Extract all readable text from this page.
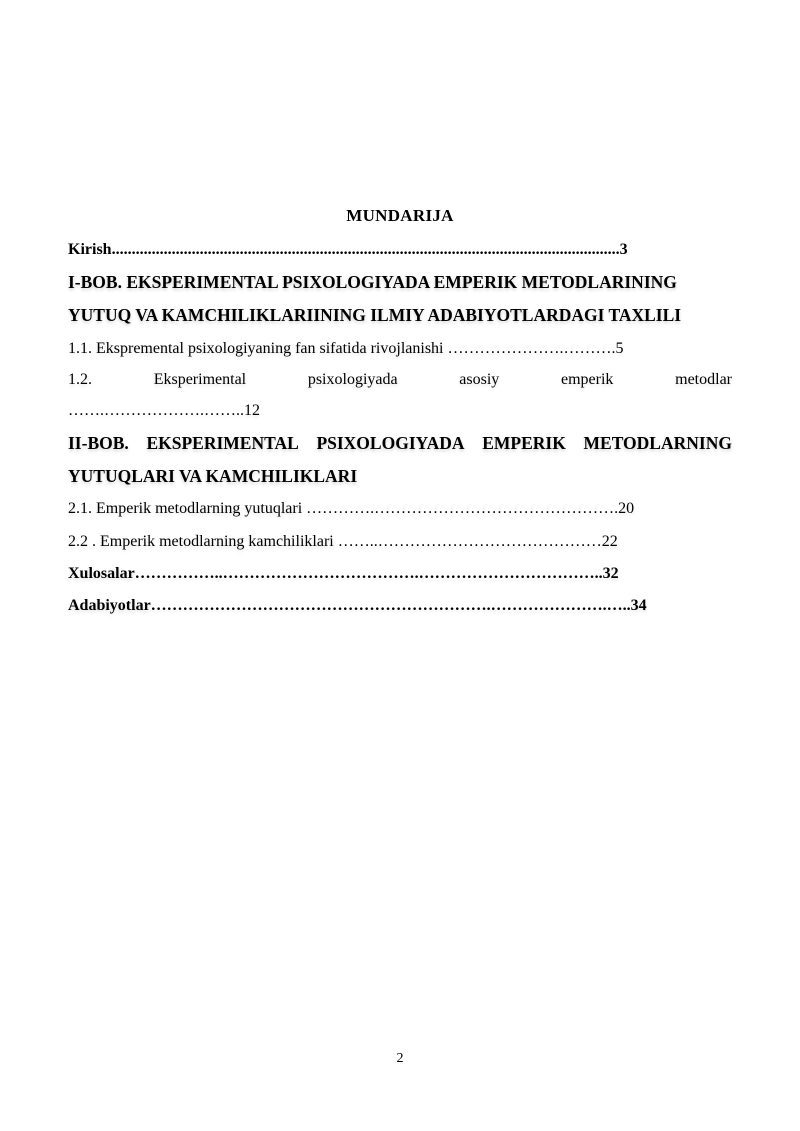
MUNDARIJA
Kirish...............................................................................................................................3
I-BOB. EKSPERIMENTAL PSIXOLOGIYADA EMPERIK METODLARINING
YUTUQ VA KAMCHILIKLARIINING ILMIY ADABIYOTLARDAGI TAXLILI
1.1. Ekspremental psixologiyaning fan sifatida rivojlanishi ………………….……….5
1.2.	Eksperimental	psixologiyada	asosiy	emperik	metodlar
…….……………….……..12
II-BOB. EKSPERIMENTAL PSIXOLOGIYADA EMPERIK METODLARNING
YUTUQLARI VA KAMCHILIKLARI
2.1. Emperik metodlarning yutuqlari ………….……………………………………….20
2.2 . Emperik metodlarning kamchiliklari ……..……………………………………22
Xulosalar……………..……………………………….……………………………..32
Adabiyotlar……………………………………………………….………………….…..34
2
